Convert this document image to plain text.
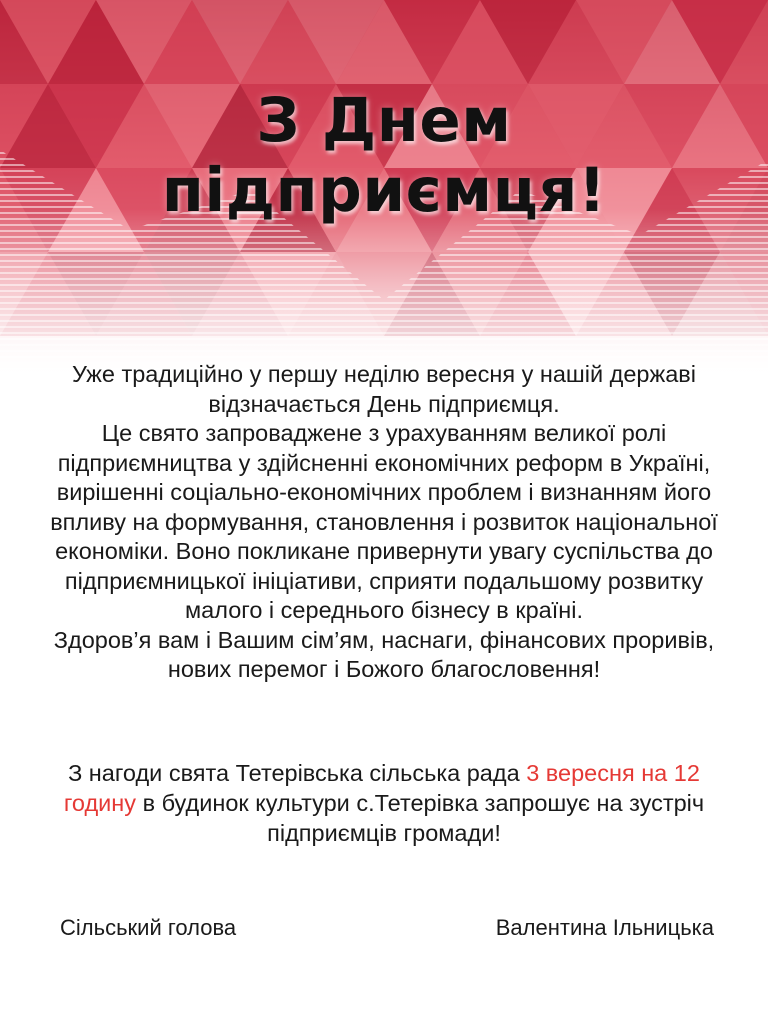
З Днем
підприємця!

Уже традиційно у першу неділю вересня у нашій державі відзначається День підприємця.

Це свято запроваджене з урахуванням великої ролі підприємництва у здійсненні економічних реформ в Україні, вирішенні соціально-економічних проблем і визнанням його впливу на формування, становлення і розвиток національної економіки. Воно покликане привернути увагу суспільства до підприємницької ініціативи, сприяти подальшому розвитку малого і середнього бізнесу в країні.

Здоров’я вам і Вашим сім’ям, наснаги, фінансових проривів, нових перемог і Божого благословення!

З нагоди свята Тетерівська сільська рада 3 вересня на 12 годину в будинок культури с.Тетерівка запрошує на зустріч підприємців громади!
Сільський голова	Валентина Ільницька
